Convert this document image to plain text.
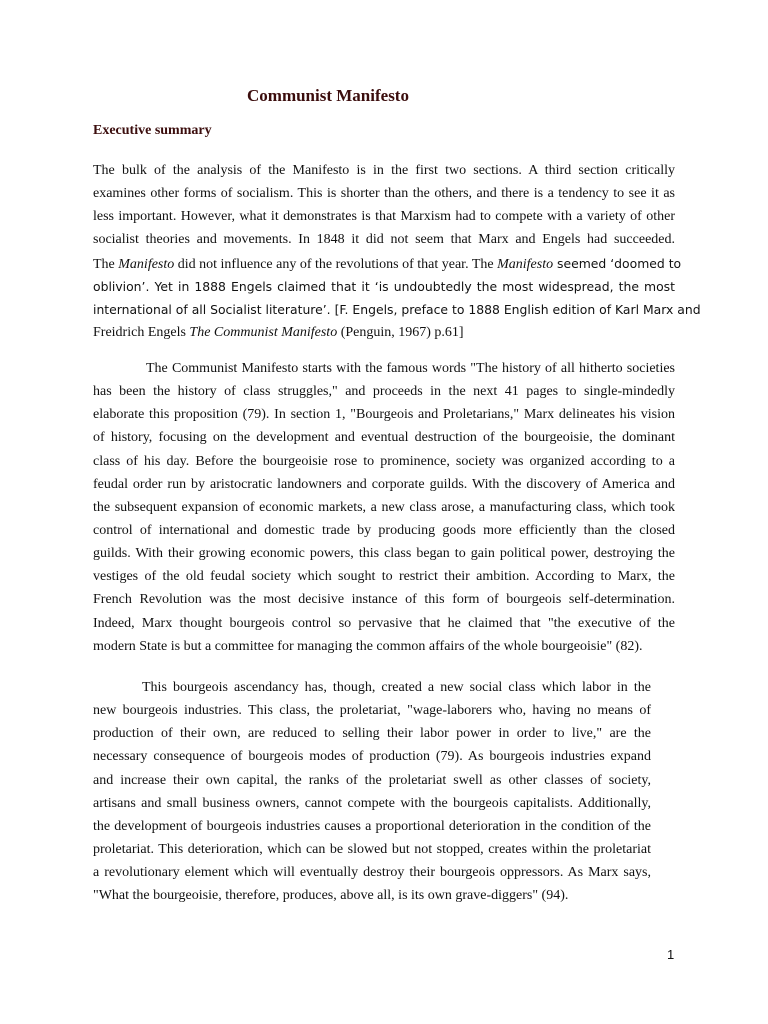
Communist Manifesto
Executive summary
The bulk of the analysis of the Manifesto is in the first two sections. A third section critically
examines other forms of socialism. This is shorter than the others, and there is a tendency to see it as
less important. However, what it demonstrates is that Marxism had to compete with a variety of other
socialist theories and movements. In 1848 it did not seem that Marx and Engels had succeeded.
The Manifesto did not influence any of the revolutions of that year. The Manifesto seemed ‘doomed to
oblivion’. Yet in 1888 Engels claimed that it ‘is undoubtedly the most widespread, the most
international of all Socialist literature’. [F. Engels, preface to 1888 English edition of Karl Marx and
Freidrich Engels The Communist Manifesto (Penguin, 1967) p.61]
The Communist Manifesto starts with the famous words "The history of all hitherto societies
has been the history of class struggles," and proceeds in the next 41 pages to single-mindedly
elaborate this proposition (79). In section 1, "Bourgeois and Proletarians," Marx delineates his vision
of history, focusing on the development and eventual destruction of the bourgeoisie, the dominant
class of his day. Before the bourgeoisie rose to prominence, society was organized according to a
feudal order run by aristocratic landowners and corporate guilds. With the discovery of America and
the subsequent expansion of economic markets, a new class arose, a manufacturing class, which took
control of international and domestic trade by producing goods more efficiently than the closed
guilds. With their growing economic powers, this class began to gain political power, destroying the
vestiges of the old feudal society which sought to restrict their ambition. According to Marx, the
French Revolution was the most decisive instance of this form of bourgeois self-determination.
Indeed, Marx thought bourgeois control so pervasive that he claimed that "the executive of the
modern State is but a committee for managing the common affairs of the whole bourgeoisie" (82).
This bourgeois ascendancy has, though, created a new social class which labor in the
new bourgeois industries. This class, the proletariat, "wage-laborers who, having no means of
production of their own, are reduced to selling their labor power in order to live," are the
necessary consequence of bourgeois modes of production (79). As bourgeois industries expand
and increase their own capital, the ranks of the proletariat swell as other classes of society,
artisans and small business owners, cannot compete with the bourgeois capitalists. Additionally,
the development of bourgeois industries causes a proportional deterioration in the condition of the
proletariat. This deterioration, which can be slowed but not stopped, creates within the proletariat
a revolutionary element which will eventually destroy their bourgeois oppressors. As Marx says,
"What the bourgeoisie, therefore, produces, above all, is its own grave-diggers" (94).
1
